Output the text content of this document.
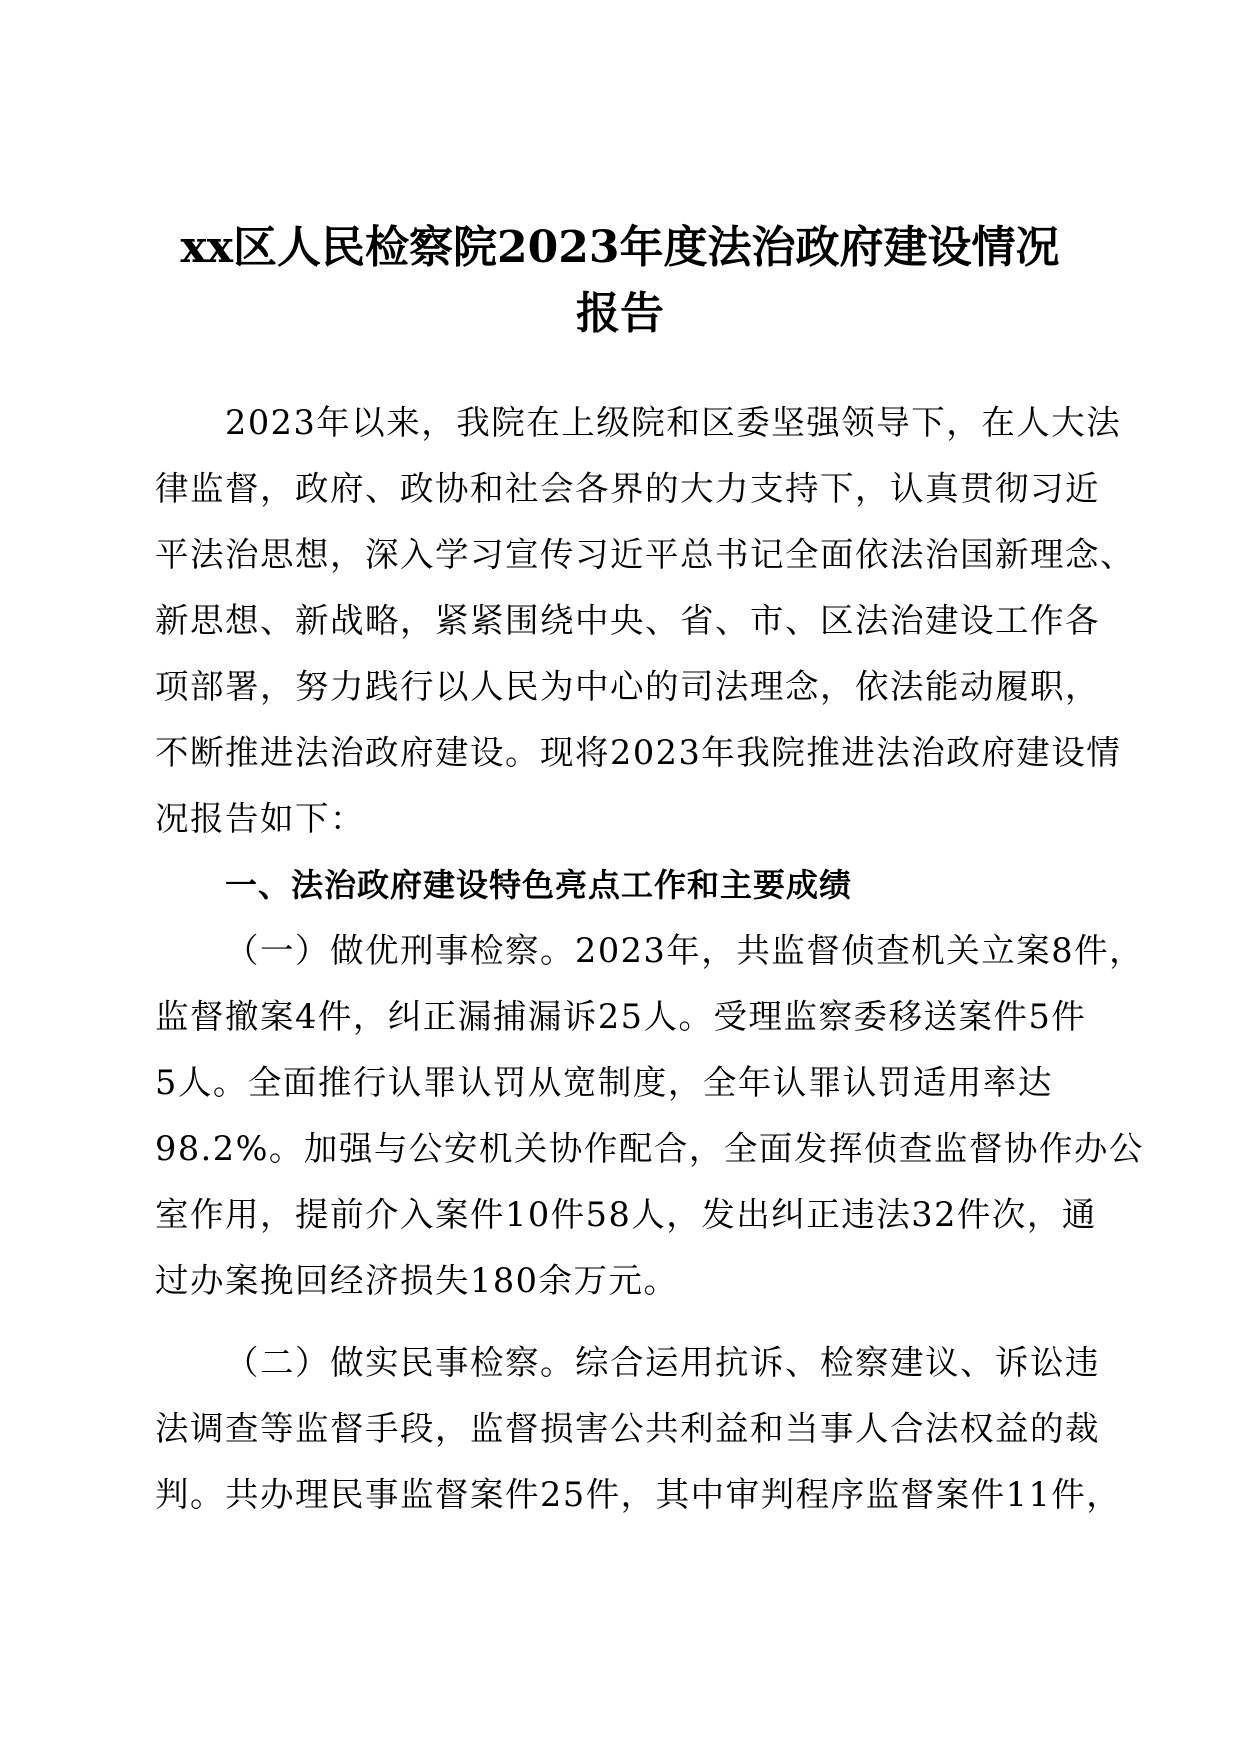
xx区人民检察院2023年度法治政府建设情况
报告
2023年以来，我院在上级院和区委坚强领导下，在人大法
律监督，政府、政协和社会各界的大力支持下，认真贯彻习近
平法治思想，深入学习宣传习近平总书记全面依法治国新理念、
新思想、新战略，紧紧围绕中央、省、市、区法治建设工作各
项部署，努力践行以人民为中心的司法理念，依法能动履职，
不断推进法治政府建设。现将2023年我院推进法治政府建设情
况报告如下：
一、法治政府建设特色亮点工作和主要成绩
（一）做优刑事检察。2023年，共监督侦查机关立案8件，
监督撤案4件，纠正漏捕漏诉25人。受理监察委移送案件5件
5人。全面推行认罪认罚从宽制度，全年认罪认罚适用率达
98.2%。加强与公安机关协作配合，全面发挥侦查监督协作办公
室作用，提前介入案件10件58人，发出纠正违法32件次，通
过办案挽回经济损失180余万元。
（二）做实民事检察。综合运用抗诉、检察建议、诉讼违
法调查等监督手段，监督损害公共利益和当事人合法权益的裁
判。共办理民事监督案件25件，其中审判程序监督案件11件，
